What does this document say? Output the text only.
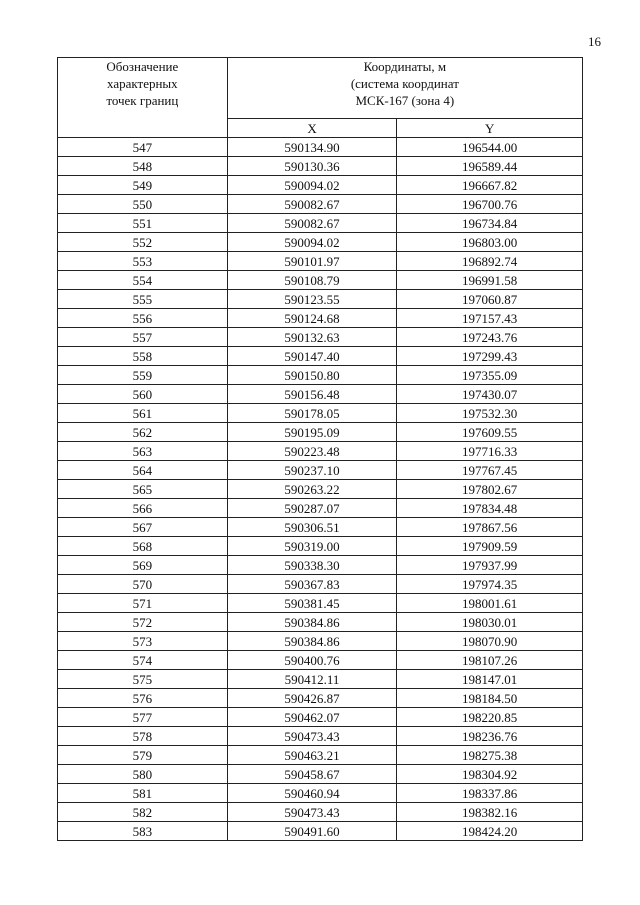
16
Обозначение
характерных
точек границ	Координаты, м
(система координат
МСК-167 (зона 4)	
	X	Y
547	590134.90	196544.00
548	590130.36	196589.44
549	590094.02	196667.82
550	590082.67	196700.76
551	590082.67	196734.84
552	590094.02	196803.00
553	590101.97	196892.74
554	590108.79	196991.58
555	590123.55	197060.87
556	590124.68	197157.43
557	590132.63	197243.76
558	590147.40	197299.43
559	590150.80	197355.09
560	590156.48	197430.07
561	590178.05	197532.30
562	590195.09	197609.55
563	590223.48	197716.33
564	590237.10	197767.45
565	590263.22	197802.67
566	590287.07	197834.48
567	590306.51	197867.56
568	590319.00	197909.59
569	590338.30	197937.99
570	590367.83	197974.35
571	590381.45	198001.61
572	590384.86	198030.01
573	590384.86	198070.90
574	590400.76	198107.26
575	590412.11	198147.01
576	590426.87	198184.50
577	590462.07	198220.85
578	590473.43	198236.76
579	590463.21	198275.38
580	590458.67	198304.92
581	590460.94	198337.86
582	590473.43	198382.16
583	590491.60	198424.20
